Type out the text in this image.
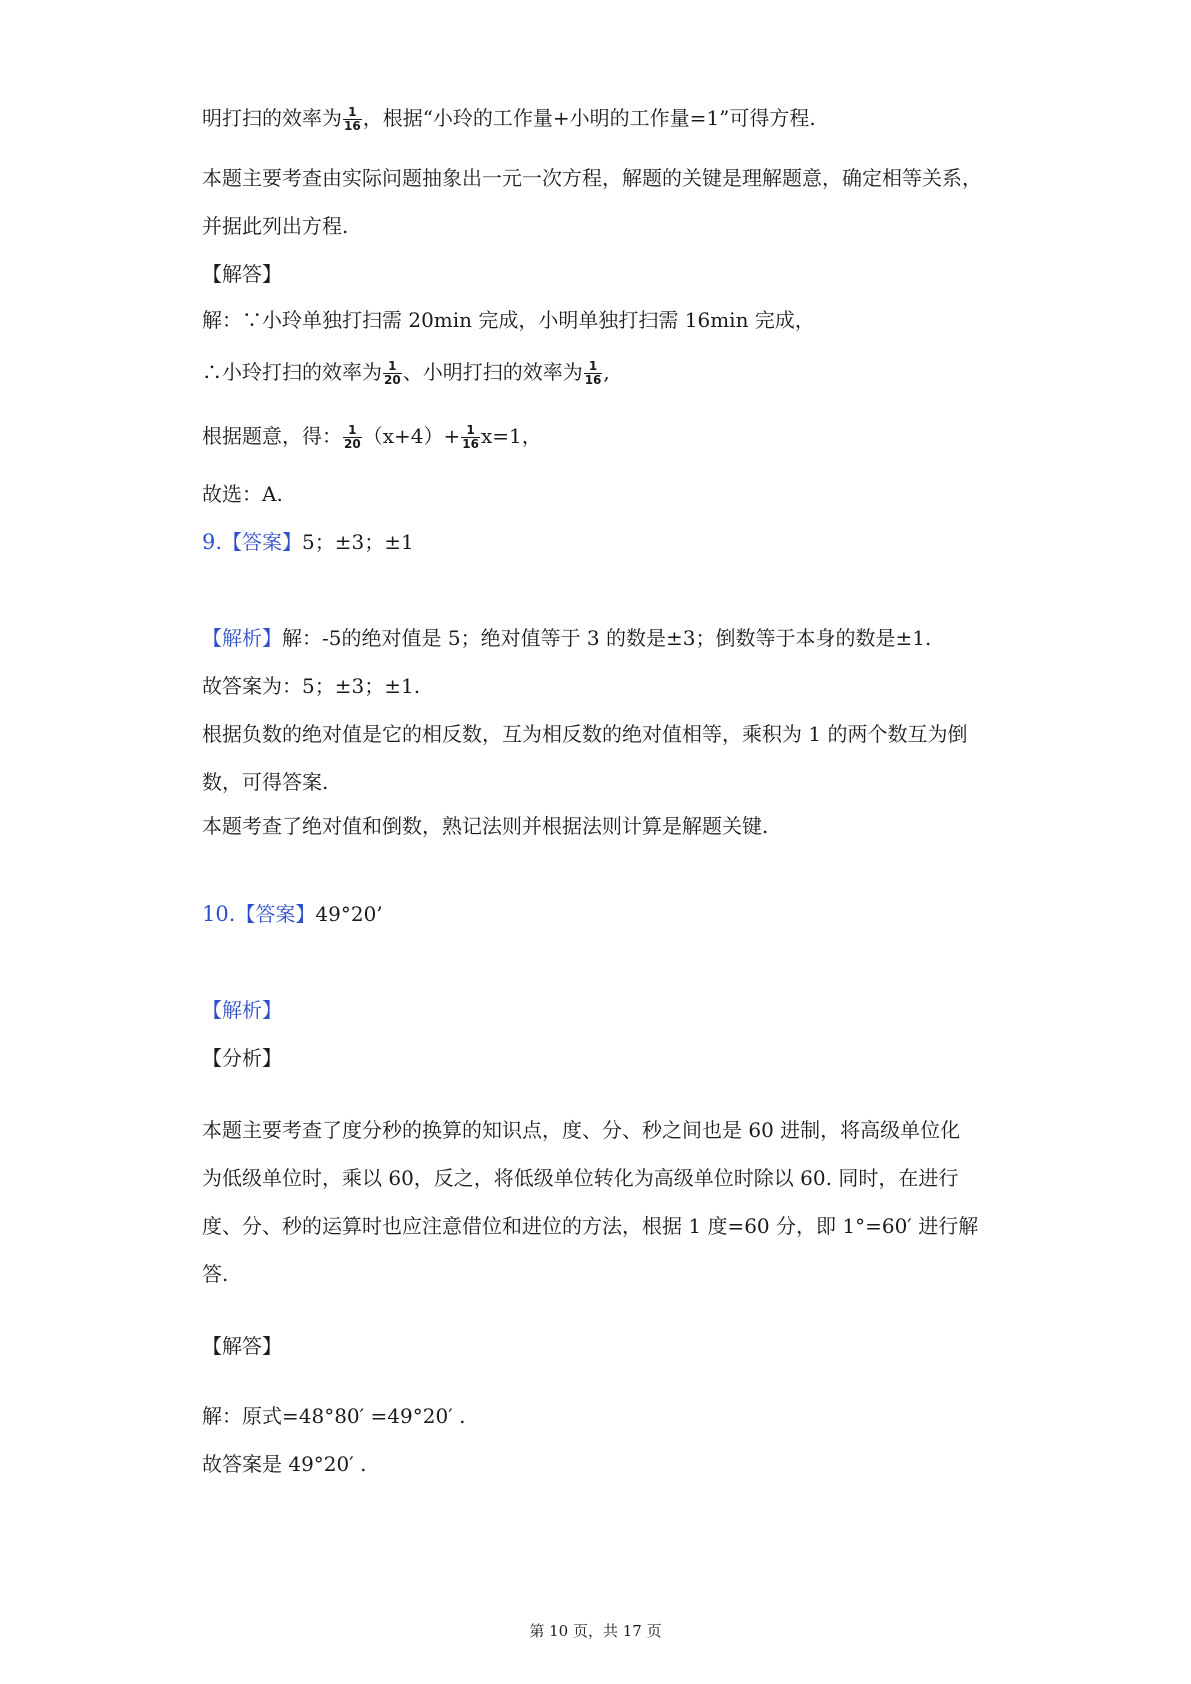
明打扫的效率为 $\frac{1}{16}$ ，根据“小玲的工作量+小明的工作量=1”可得方程.
本题主要考查由实际问题抽象出一元一次方程，解题的关键是理解题意，确定相等关系，
并据此列出方程.
【解答】
解：∵小玲单独打扫需 20min 完成，小明单独打扫需 16min 完成，
∴小玲打扫的效率为 $\frac{1}{20}$ 、小明打扫的效率为 $\frac{1}{16}$ ,
根据题意，得： $\frac{1}{20} (x+4)+ \frac{1}{16} x=1$，
故选：A.
9.【答案】5；±3；±1
【解析】解：-5的绝对值是 5；绝对值等于 3 的数是±3；倒数等于本身的数是±1.
故答案为：5；±3；±1.
根据负数的绝对值是它的相反数，互为相反数的绝对值相等，乘积为 1 的两个数互为倒
数，可得答案.
本题考查了绝对值和倒数，熟记法则并根据法则计算是解题关键.
10.【答案】49°20’
【解析】
【分析】
本题主要考查了度分秒的换算的知识点，度、分、秒之间也是 60 进制，将高级单位化
为低级单位时，乘以 60，反之，将低级单位转化为高级单位时除以 60. 同时，在进行
度、分、秒的运算时也应注意借位和进位的方法，根据 1 度=60 分，即 1°=60′ 进行解
答.
【解答】
解：原式=48°80′ =49°20′ .
故答案是 49°20′ .
第 10 页，共 17 页
